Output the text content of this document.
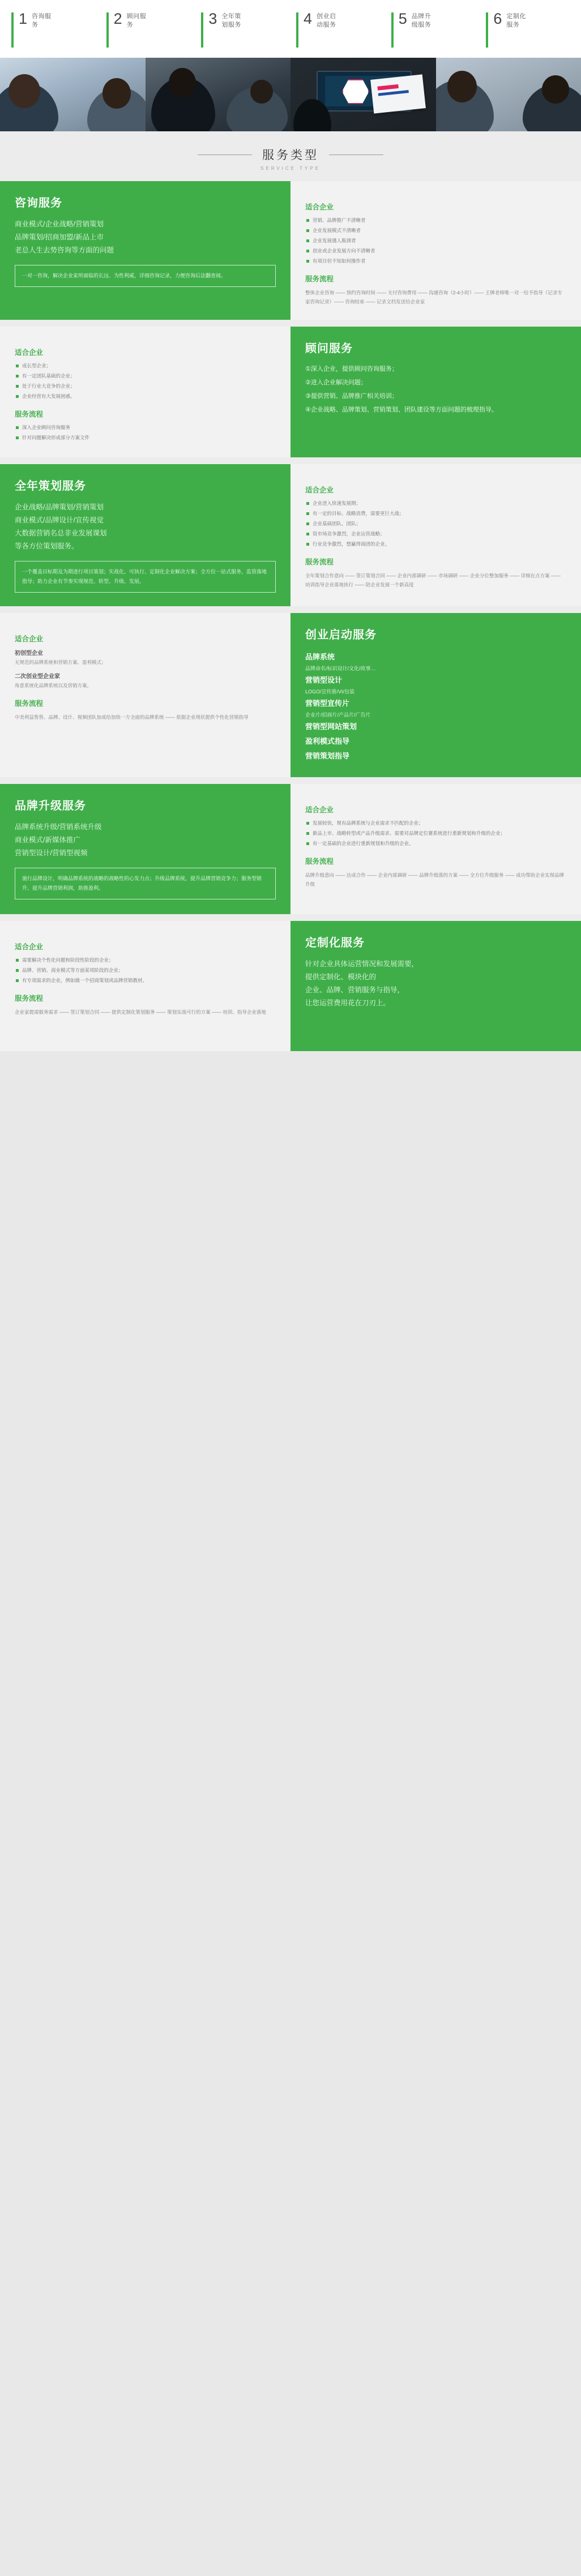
1 咨询服务	2 顾问服务	3 全年策划服务	4 创业启动服务	5 品牌升级服务	6 定制化服务
服务类型
SERVICE TYPE
咨询服务
商业模式/企业战略/营销策划
品牌策划/招商加盟/新品上市
老总人生去势咨询等方面的问题
一对一咨询，解决企业家所面临的长远、为性利威，详细咨询记录，力便咨询后法翻查阅。
适合企业
营销、品牌推广不清晰者
企业发展模式不清晰者
企业发展遇人瓶颈者
创业或企业发展方向不清晰者
有项目但不知如何操作者
服务流程
整体企业咨询 —— 预约咨询时间 —— 支付咨询费用 —— 沟通咨询（2-4小时）—— 王牌老师唯一对一给予指导（记录专家咨询记录）—— 咨询结束 —— 记录文档发送给企业家
适合企业
成长型企业；
有一定团队基础的企业；
处于行业大竞争的企业；
企业经营有大发展困惑。
服务流程
深入企业顾问咨询服务
针对问题解决形成部分方案文件
顾问服务
①深入企业，提供顾问咨询服务；
②进入企业解决问题；
③提供营销、品牌推广相关培训；
④企业战略、品牌策划、营销策划、团队建设等方面问题的梳理指导。
全年策划服务
企业战略/品牌策划/营销策划
商业模式/品牌设计/宣传视觉
大数据营销名总非业发展课划
等各方位策划服务。
一个覆盖目标期及为期进行项目策划；实战化、可执行、定制化企业解决方案；全方位一站式服务，监管落地指导；助力企业有节奏实现规范、转型、升级、发展。
适合企业
企业进入快速发展期；
有一定的目标、战略消费，需要更巨大战；
企业基础团队、团队；
资市场竞争激烈，企业运营战略；
行业竞争激烈，想赢得商团的企业。
服务流程
全年策划合作意向 —— 签订策划合同 —— 企业内部调研 —— 市场调研 —— 企业分位整加服务 —— 详细在点方案 —— 培训指导企业落地执行 —— 陪企业发展一个新高度
适合企业
初创型企业
无规范的品牌系统和营销方案、盈利模式；
二次创业型企业家
角意系统化品牌系统以及营销方案。
服务流程
中美利益售售、品牌、设计、视频团队加成给加快一方全面的品牌系统 —— 依据企业现状提供个性化营销指导
创业启动服务
品牌系统
品牌命名/标识设计/文化/故事…
营销型设计
LOGO/宣传册/VI/包装
营销型宣传片
企业片/招商片/产品片/广告片
营销型网站策划
盈利模式指导
营销策划指导
品牌升级服务
品牌系统升级/营销系统升级
商业模式/新媒体推广
营销型设计/营销型视频
施行品牌设计，明确品牌系统的战略的战略性的心发力点；升级品牌系统，提升品牌营销竞争力；服务型销升、提升品牌营销利润，助推盈利。
适合企业
发展较快，规有品牌系统与企业需求不匹配的企业；
新品上市、战略转型或产品升级需求、需要对品牌定位赛系统进行重新规划和升级的企业；
有一定基础的企业进行重新规划和升级的企业。
服务流程
品牌升级意向 —— 达成合作 —— 企业内部调研 —— 品牌升级落的方案 —— 全方位升级服务 —— 成功帮助企业实现品牌升级
适合企业
需要解决个性化问题和阶段性阶段的企业；
品牌、营销、商业模式等方面某项阶段的企业；
有专项需求的企业，例如做一个招商策划或品牌营销教材。
服务流程
企业家提需服务需求 —— 签订策划合同 —— 提供定制化策划服务 —— 策划实战可行的方案 —— 培训、指导企业落地
定制化服务
针对企业具体运营情况和发展需要，
提供定制化、模块化的
企业、品牌、营销服务与指导，
让您运营费用花在刀刃上。
